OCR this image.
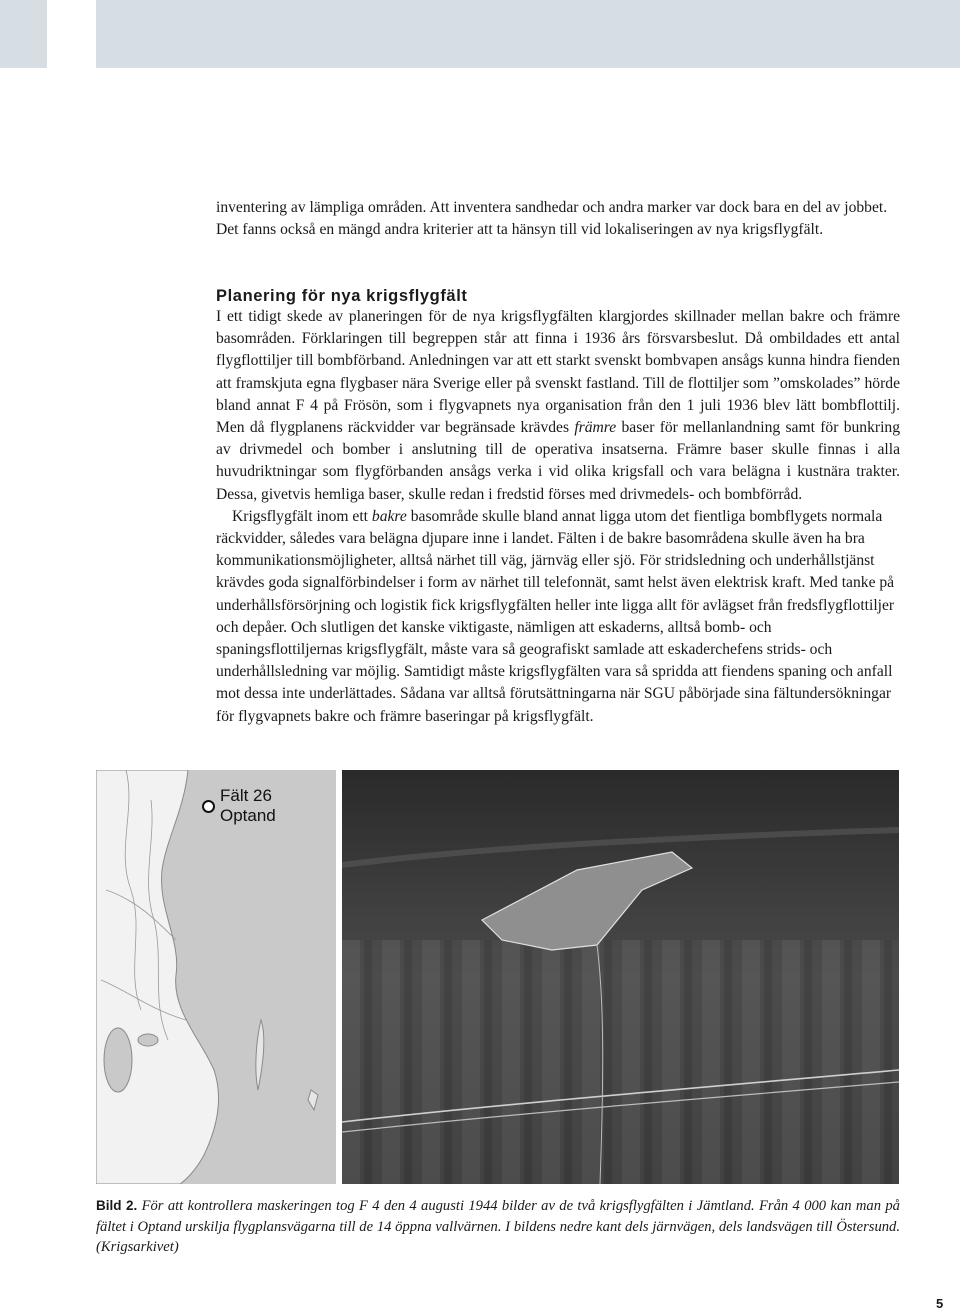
inventering av lämpliga områden. Att inventera sandhedar och andra marker var dock bara en del av jobbet. Det fanns också en mängd andra kriterier att ta hänsyn till vid lokaliseringen av nya krigsflygfält.

Planering för nya krigsflygfält

I ett tidigt skede av planeringen för de nya krigsflygfälten klargjordes skillnader mellan bakre och främre basområden. Förklaringen till begreppen står att finna i 1936 års försvarsbeslut. Då ombildades ett antal flygflottiljer till bombförband. Anledningen var att ett starkt svenskt bombvapen ansågs kunna hindra fienden att framskjuta egna flygbaser nära Sverige eller på svenskt fastland. Till de flottiljer som ”omskolades” hörde bland annat F 4 på Frösön, som i flygvapnets nya organisation från den 1 juli 1936 blev lätt bombflottilj. Men då flygplanens räckvidder var begränsade krävdes främre baser för mellanlandning samt för bunkring av drivmedel och bomber i anslutning till de operativa insatserna. Främre baser skulle finnas i alla huvudriktningar som flygförbanden ansågs verka i vid olika krigsfall och vara belägna i kustnära trakter. Dessa, givetvis hemliga baser, skulle redan i fredstid förses med drivmedels- och bombförråd.

Krigsflygfält inom ett bakre basområde skulle bland annat ligga utom det fientliga bombflygets normala räckvidder, således vara belägna djupare inne i landet. Fälten i de bakre basområdena skulle även ha bra kommunikationsmöjligheter, alltså närhet till väg, järnväg eller sjö. För stridsledning och underhållstjänst krävdes goda signalförbindelser i form av närhet till telefonnät, samt helst även elektrisk kraft. Med tanke på underhållsförsörjning och logistik fick krigsflygfälten heller inte ligga allt för avlägset från fredsflygflottiljer och depåer. Och slutligen det kanske viktigaste, nämligen att eskaderns, alltså bomb- och spaningsflottiljernas krigsflygfält, måste vara så geografiskt samlade att eskaderchefens strids- och underhållsledning var möjlig. Samtidigt måste krigsflygfälten vara så spridda att fiendens spaning och anfall mot dessa inte underlättades. Sådana var alltså förutsättningarna när SGU påbörjade sina fältundersökningar för flygvapnets bakre och främre baseringar på krigsflygfält.

Fält 26
Optand

Bild 2. För att kontrollera maskeringen tog F 4 den 4 augusti 1944 bilder av de två krigsflygfälten i Jämtland. Från 4 000 kan man på fältet i Optand urskilja flygplansvägarna till de 14 öppna vallvärnen. I bildens nedre kant dels järnvägen, dels landsvägen till Östersund. (Krigsarkivet)

5
